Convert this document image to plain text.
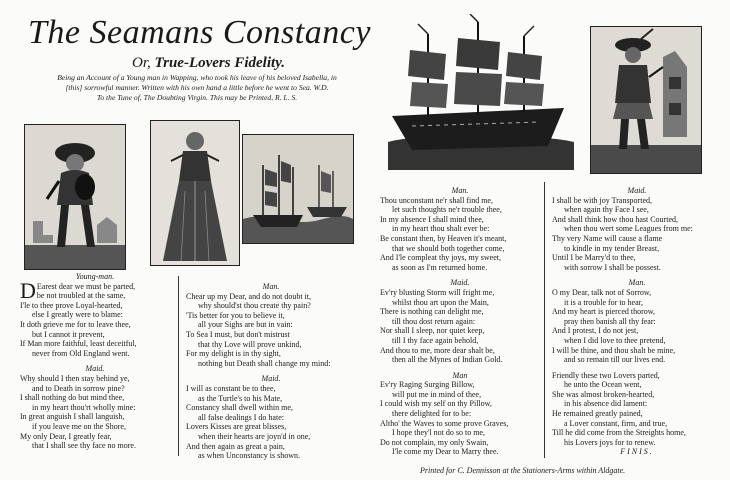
The Seamans Constancy
Or, True-Lovers Fidelity.
Being an Account of a Young man in Wapping, who took his leave of his beloved Isabella, in
[this] sorrowful manner. Written with his own hand a little before he went to Sea. W.D.
To the Tune of, The Doubting Virgin. This may be Printed, R. L. S.
Young-man.
D Earest dear we must be parted,

be not troubled at the same,

I'le to thee prove Loyal-hearted,

else I greatly were to blame:

It doth grieve me for to leave thee,

but I cannot it prevent,

If Man more faithful, least deceitful,

never from Old England went.

Maid.

Why should I then stay behind ye,

and to Death in sorrow pine?

I shall nothing do but mind thee,

in my heart thou'rt wholly mine:

In great anguish I shall languish,

if you leave me on the Shore,

My only Dear, I greatly fear,

that I shall see thy face no more.

Man.

Chear up my Dear, and do not doubt it,

why should'st thou create thy pain?

'Tis better for you to believe it,

all your Sighs are but in vain:

To Sea I must, but don't mistrust

that thy Love will prove unkind,

For my delight is in thy sight,

nothing but Death shall change my mind:

Maid.

I will as constant be to thee,

as the Turtle's to his Mate,

Constancy shall dwell within me,

all false dealings I do hate:

Lovers Kisses are great blisses,

when their hearts are joyn'd in one,

And then again as great a pain,

as when Unconstancy is shown.

Man.

Thou unconstant ne'r shall find me,

let such thoughts ne'r trouble thee,

In my absence I shall mind thee,

in my heart thou shalt ever be:

Be constant then, by Heaven it's meant,

that we should both together come,

And I'le compleat thy joys, my sweet,

as soon as I'm returned home.

Maid.

Ev'ry blusting Storm will fright me,

whilst thou art upon the Main,

There is nothing can delight me,

till thou dost return again:

Nor shall I sleep, nor quiet keep,

till I thy face again behold,

And thou to me, more dear shalt be,

then all the Mynes of Indian Gold.

Man

Ev'ry Raging Surging Billow,

will put me in mind of thee,

I could wish my self on thy Pillow,

there delighted for to be:

Altho' the Waves to some prove Graves,

I hope they'l not do so to me,

Do not complain, my only Swain,

I'le come my Dear to Marry thee.

Maid.

I shall be with joy Transported,

when again thy Face I see,

And shall think how thou hast Courted,

when thou wert some Leagues from me:

Thy very Name will cause a flame

to kindle in my tender Breast,

Until I be Marry'd to thee,

with sorrow I shall be possest.

Man.

O my Dear, talk not of Sorrow,

it is a trouble for to hear,

And my heart is pierced thorow,

pray then banish all thy fear:

And I protest, I do not jest,

when I did love to thee pretend,

I will be thine, and thou shalt be mine,

and so remain till our lives end.

Friendly these two Lovers parted,

he unto the Ocean went,

She was almost broken-hearted,

in his absence did lament:

He remained greatly pained,

a Lover constant, firm, and true,

Till he did come from the Streights home,

his Lovers joys for to renew.

FINIS.
Printed for C. Dennisson at the Stationers-Arms within Aldgate.
